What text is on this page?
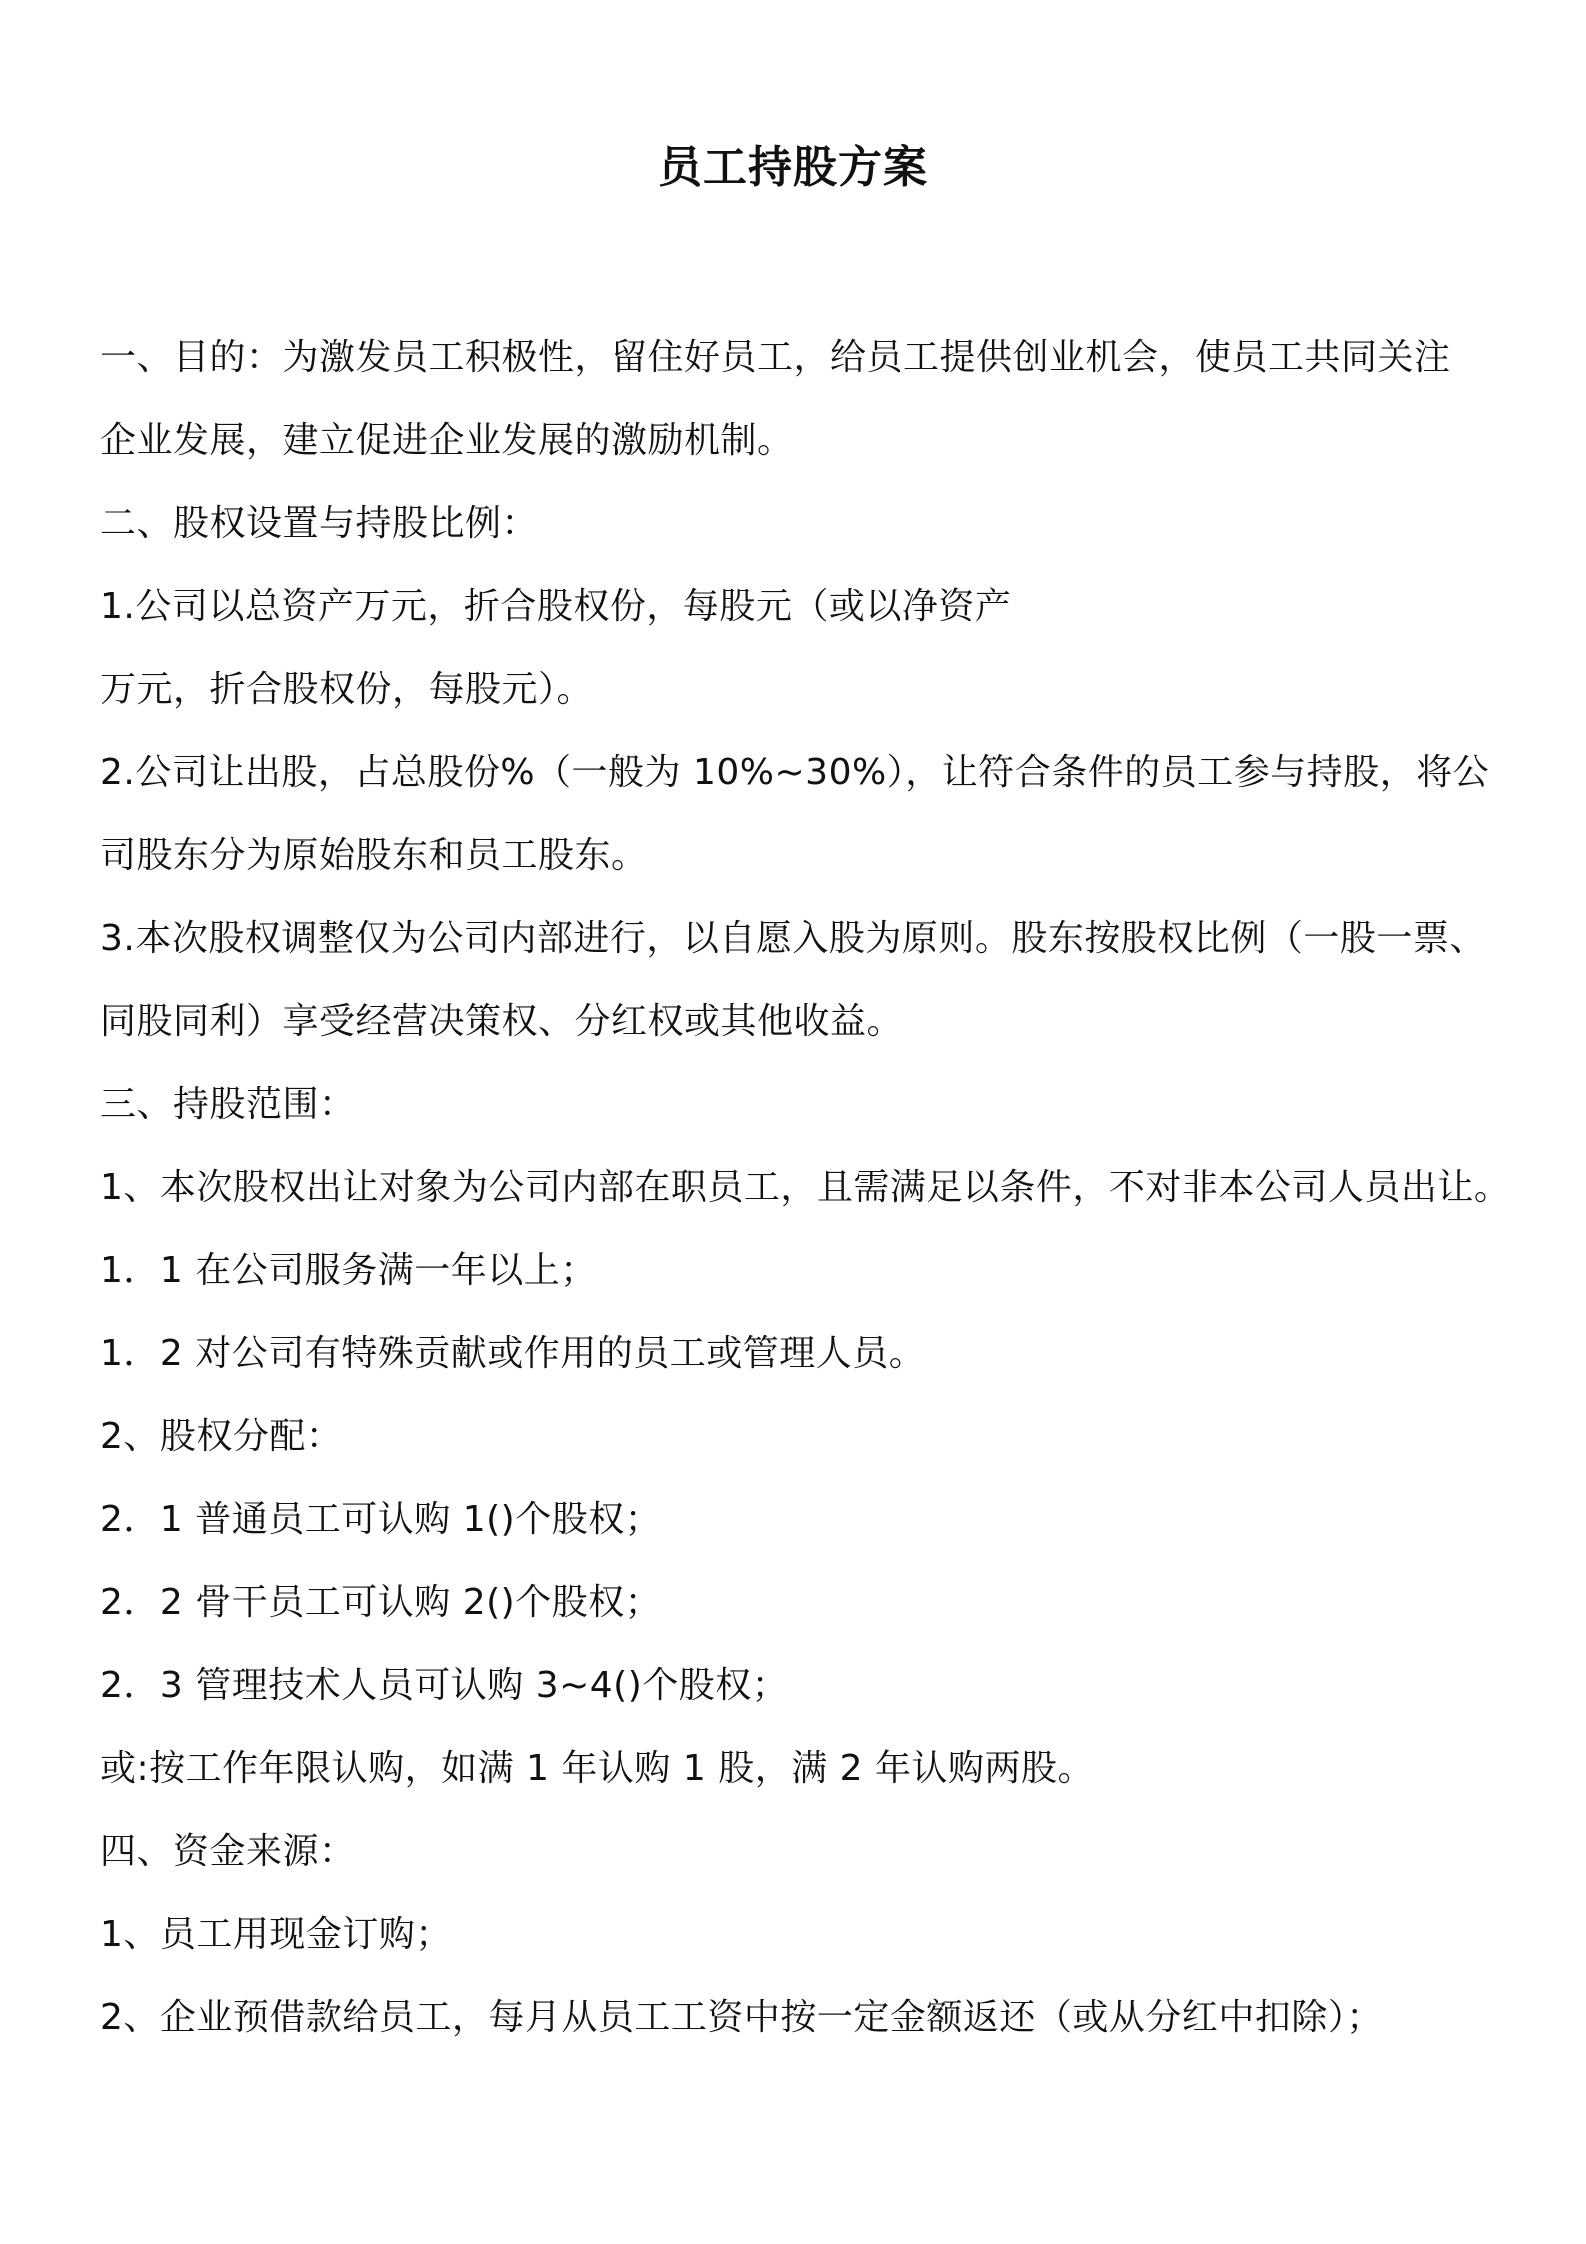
员工持股方案
一、目的：为激发员工积极性，留住好员工，给员工提供创业机会，使员工共同关注
企业发展，建立促进企业发展的激励机制。
二、股权设置与持股比例：
1.公司以总资产万元，折合股权份，每股元（或以净资产
万元，折合股权份，每股元）。
2.公司让出股，占总股份%（一般为 10%~30%），让符合条件的员工参与持股，将公
司股东分为原始股东和员工股东。
3.本次股权调整仅为公司内部进行，以自愿入股为原则。股东按股权比例（一股一票、
同股同利）享受经营决策权、分红权或其他收益。
三、持股范围：
1、本次股权出让对象为公司内部在职员工，且需满足以条件，不对非本公司人员出让。
1．1 在公司服务满一年以上；
1．2 对公司有特殊贡献或作用的员工或管理人员。
2、股权分配：
2．1 普通员工可认购 1()个股权；
2．2 骨干员工可认购 2()个股权；
2．3 管理技术人员可认购 3~4()个股权；
或:按工作年限认购，如满 1 年认购 1 股，满 2 年认购两股。
四、资金来源：
1、员工用现金订购；
2、企业预借款给员工，每月从员工工资中按一定金额返还（或从分红中扣除）；
